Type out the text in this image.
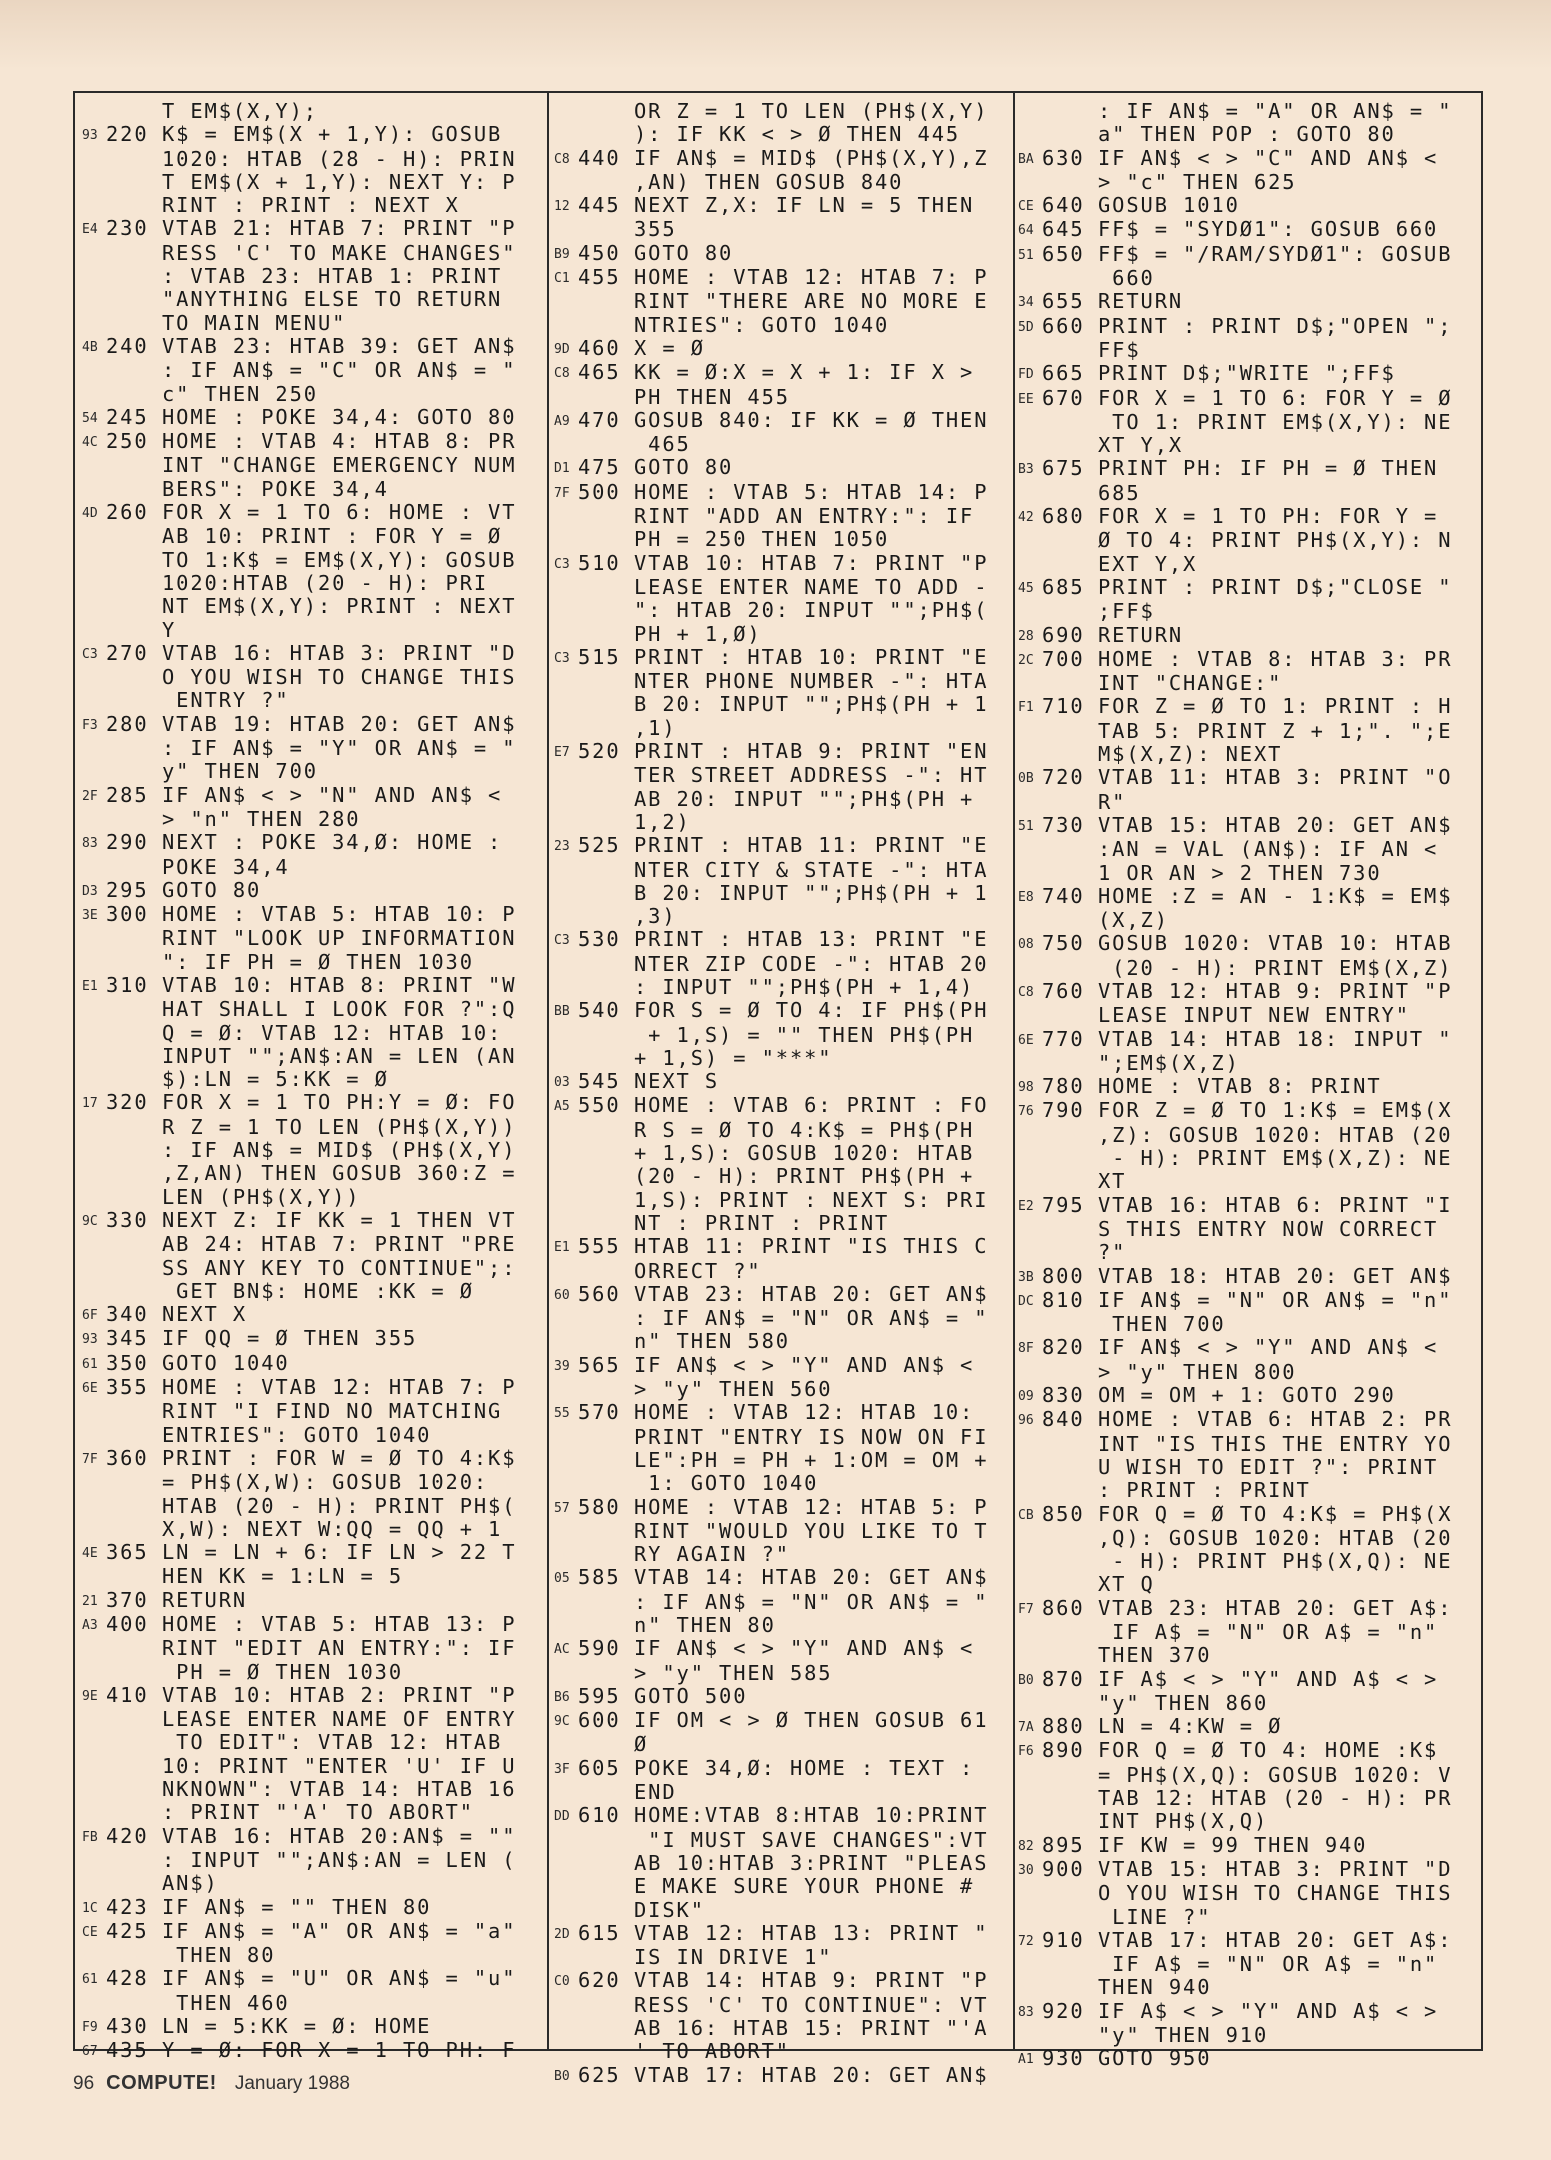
T EM$(X,Y);
93 220 K$ = EM$(X + 1,Y): GOSUB
1020: HTAB (28 - H): PRIN
T EM$(X + 1,Y): NEXT Y: P
RINT : PRINT : NEXT X
E4 230 VTAB 21: HTAB 7: PRINT "P
RESS 'C' TO MAKE CHANGES"
: VTAB 23: HTAB 1: PRINT
"ANYTHING ELSE TO RETURN
TO MAIN MENU"
4B 240 VTAB 23: HTAB 39: GET AN$
: IF AN$ = "C" OR AN$ = "
c" THEN 250
54 245 HOME : POKE 34,4: GOTO 80
4C 250 HOME : VTAB 4: HTAB 8: PR
INT "CHANGE EMERGENCY NUM
BERS": POKE 34,4
4D 260 FOR X = 1 TO 6: HOME : VT
AB 10: PRINT : FOR Y = Ø
TO 1:K$ = EM$(X,Y): GOSUB
1020:HTAB (20 - H): PRI
NT EM$(X,Y): PRINT : NEXT
Y
C3 270 VTAB 16: HTAB 3: PRINT "D
O YOU WISH TO CHANGE THIS
ENTRY ?"
F3 280 VTAB 19: HTAB 20: GET AN$
: IF AN$ = "Y" OR AN$ = "
y" THEN 700
2F 285 IF AN$ < > "N" AND AN$ <
> "n" THEN 280
83 290 NEXT : POKE 34,Ø: HOME :
POKE 34,4
D3 295 GOTO 80
3E 300 HOME : VTAB 5: HTAB 10: P
RINT "LOOK UP INFORMATION
": IF PH = Ø THEN 1030
E1 310 VTAB 10: HTAB 8: PRINT "W
HAT SHALL I LOOK FOR ?":Q
Q = Ø: VTAB 12: HTAB 10:
INPUT "";AN$:AN = LEN (AN
$):LN = 5:KK = Ø
17 320 FOR X = 1 TO PH:Y = Ø: FO
R Z = 1 TO LEN (PH$(X,Y))
: IF AN$ = MID$ (PH$(X,Y)
,Z,AN) THEN GOSUB 360:Z =
LEN (PH$(X,Y))
9C 330 NEXT Z: IF KK = 1 THEN VT
AB 24: HTAB 7: PRINT "PRE
SS ANY KEY TO CONTINUE";:
GET BN$: HOME :KK = Ø
6F 340 NEXT X
93 345 IF QQ = Ø THEN 355
61 350 GOTO 1040
6E 355 HOME : VTAB 12: HTAB 7: P
RINT "I FIND NO MATCHING
ENTRIES": GOTO 1040
7F 360 PRINT : FOR W = Ø TO 4:K$
= PH$(X,W): GOSUB 1020:
HTAB (20 - H): PRINT PH$(
X,W): NEXT W:QQ = QQ + 1
4E 365 LN = LN + 6: IF LN > 22 T
HEN KK = 1:LN = 5
21 370 RETURN
A3 400 HOME : VTAB 5: HTAB 13: P
RINT "EDIT AN ENTRY:": IF
PH = Ø THEN 1030
9E 410 VTAB 10: HTAB 2: PRINT "P
LEASE ENTER NAME OF ENTRY
TO EDIT": VTAB 12: HTAB
10: PRINT "ENTER 'U' IF U
NKNOWN": VTAB 14: HTAB 16
: PRINT "'A' TO ABORT"
FB 420 VTAB 16: HTAB 20:AN$ = ""
: INPUT "";AN$:AN = LEN (
AN$)
1C 423 IF AN$ = "" THEN 80
CE 425 IF AN$ = "A" OR AN$ = "a"
THEN 80
61 428 IF AN$ = "U" OR AN$ = "u"
THEN 460
F9 430 LN = 5:KK = Ø: HOME
67 435 Y = Ø: FOR X = 1 TO PH: F
OR Z = 1 TO LEN (PH$(X,Y)
): IF KK < > Ø THEN 445
C8 440 IF AN$ = MID$ (PH$(X,Y),Z
,AN) THEN GOSUB 840
12 445 NEXT Z,X: IF LN = 5 THEN
355
B9 450 GOTO 80
C1 455 HOME : VTAB 12: HTAB 7: P
RINT "THERE ARE NO MORE E
NTRIES": GOTO 1040
9D 460 X = Ø
C8 465 KK = Ø:X = X + 1: IF X >
PH THEN 455
A9 470 GOSUB 840: IF KK = Ø THEN
465
D1 475 GOTO 80
7F 500 HOME : VTAB 5: HTAB 14: P
RINT "ADD AN ENTRY:": IF
PH = 250 THEN 1050
C3 510 VTAB 10: HTAB 7: PRINT "P
LEASE ENTER NAME TO ADD -
": HTAB 20: INPUT "";PH$(
PH + 1,Ø)
C3 515 PRINT : HTAB 10: PRINT "E
NTER PHONE NUMBER -": HTA
B 20: INPUT "";PH$(PH + 1
,1)
E7 520 PRINT : HTAB 9: PRINT "EN
TER STREET ADDRESS -": HT
AB 20: INPUT "";PH$(PH +
1,2)
23 525 PRINT : HTAB 11: PRINT "E
NTER CITY & STATE -": HTA
B 20: INPUT "";PH$(PH + 1
,3)
C3 530 PRINT : HTAB 13: PRINT "E
NTER ZIP CODE -": HTAB 20
: INPUT "";PH$(PH + 1,4)
BB 540 FOR S = Ø TO 4: IF PH$(PH
+ 1,S) = "" THEN PH$(PH
+ 1,S) = "***"
03 545 NEXT S
A5 550 HOME : VTAB 6: PRINT : FO
R S = Ø TO 4:K$ = PH$(PH
+ 1,S): GOSUB 1020: HTAB
(20 - H): PRINT PH$(PH +
1,S): PRINT : NEXT S: PRI
NT : PRINT : PRINT
E1 555 HTAB 11: PRINT "IS THIS C
ORRECT ?"
60 560 VTAB 23: HTAB 20: GET AN$
: IF AN$ = "N" OR AN$ = "
n" THEN 580
39 565 IF AN$ < > "Y" AND AN$ <
> "y" THEN 560
55 570 HOME : VTAB 12: HTAB 10:
PRINT "ENTRY IS NOW ON FI
LE":PH = PH + 1:OM = OM +
1: GOTO 1040
57 580 HOME : VTAB 12: HTAB 5: P
RINT "WOULD YOU LIKE TO T
RY AGAIN ?"
05 585 VTAB 14: HTAB 20: GET AN$
: IF AN$ = "N" OR AN$ = "
n" THEN 80
AC 590 IF AN$ < > "Y" AND AN$ <
> "y" THEN 585
B6 595 GOTO 500
9C 600 IF OM < > Ø THEN GOSUB 61
Ø
3F 605 POKE 34,Ø: HOME : TEXT :
END
DD 610 HOME:VTAB 8:HTAB 10:PRINT
"I MUST SAVE CHANGES":VT
AB 10:HTAB 3:PRINT "PLEAS
E MAKE SURE YOUR PHONE #
DISK"
2D 615 VTAB 12: HTAB 13: PRINT "
IS IN DRIVE 1"
C0 620 VTAB 14: HTAB 9: PRINT "P
RESS 'C' TO CONTINUE": VT
AB 16: HTAB 15: PRINT "'A
' TO ABORT"
B0 625 VTAB 17: HTAB 20: GET AN$
: IF AN$ = "A" OR AN$ = "
a" THEN POP : GOTO 80
BA 630 IF AN$ < > "C" AND AN$ <
> "c" THEN 625
CE 640 GOSUB 1010
64 645 FF$ = "SYDØ1": GOSUB 660
51 650 FF$ = "/RAM/SYDØ1": GOSUB
660
34 655 RETURN
5D 660 PRINT : PRINT D$;"OPEN ";
FF$
FD 665 PRINT D$;"WRITE ";FF$
EE 670 FOR X = 1 TO 6: FOR Y = Ø
TO 1: PRINT EM$(X,Y): NE
XT Y,X
B3 675 PRINT PH: IF PH = Ø THEN
685
42 680 FOR X = 1 TO PH: FOR Y =
Ø TO 4: PRINT PH$(X,Y): N
EXT Y,X
45 685 PRINT : PRINT D$;"CLOSE "
;FF$
28 690 RETURN
2C 700 HOME : VTAB 8: HTAB 3: PR
INT "CHANGE:"
F1 710 FOR Z = Ø TO 1: PRINT : H
TAB 5: PRINT Z + 1;". ";E
M$(X,Z): NEXT
0B 720 VTAB 11: HTAB 3: PRINT "O
R"
51 730 VTAB 15: HTAB 20: GET AN$
:AN = VAL (AN$): IF AN <
1 OR AN > 2 THEN 730
E8 740 HOME :Z = AN - 1:K$ = EM$
(X,Z)
08 750 GOSUB 1020: VTAB 10: HTAB
(20 - H): PRINT EM$(X,Z)
C8 760 VTAB 12: HTAB 9: PRINT "P
LEASE INPUT NEW ENTRY"
6E 770 VTAB 14: HTAB 18: INPUT "
";EM$(X,Z)
98 780 HOME : VTAB 8: PRINT
76 790 FOR Z = Ø TO 1:K$ = EM$(X
,Z): GOSUB 1020: HTAB (20
- H): PRINT EM$(X,Z): NE
XT
E2 795 VTAB 16: HTAB 6: PRINT "I
S THIS ENTRY NOW CORRECT
?"
3B 800 VTAB 18: HTAB 20: GET AN$
DC 810 IF AN$ = "N" OR AN$ = "n"
THEN 700
8F 820 IF AN$ < > "Y" AND AN$ <
> "y" THEN 800
09 830 OM = OM + 1: GOTO 290
96 840 HOME : VTAB 6: HTAB 2: PR
INT "IS THIS THE ENTRY YO
U WISH TO EDIT ?": PRINT
: PRINT : PRINT
CB 850 FOR Q = Ø TO 4:K$ = PH$(X
,Q): GOSUB 1020: HTAB (20
- H): PRINT PH$(X,Q): NE
XT Q
F7 860 VTAB 23: HTAB 20: GET A$:
IF A$ = "N" OR A$ = "n"
THEN 370
B0 870 IF A$ < > "Y" AND A$ < >
"y" THEN 860
7A 880 LN = 4:KW = Ø
F6 890 FOR Q = Ø TO 4: HOME :K$
= PH$(X,Q): GOSUB 1020: V
TAB 12: HTAB (20 - H): PR
INT PH$(X,Q)
82 895 IF KW = 99 THEN 940
30 900 VTAB 15: HTAB 3: PRINT "D
O YOU WISH TO CHANGE THIS
LINE ?"
72 910 VTAB 17: HTAB 20: GET A$:
IF A$ = "N" OR A$ = "n"
THEN 940
83 920 IF A$ < > "Y" AND A$ < >
"y" THEN 910
A1 930 GOTO 950
96 COMPUTE! January 1988
